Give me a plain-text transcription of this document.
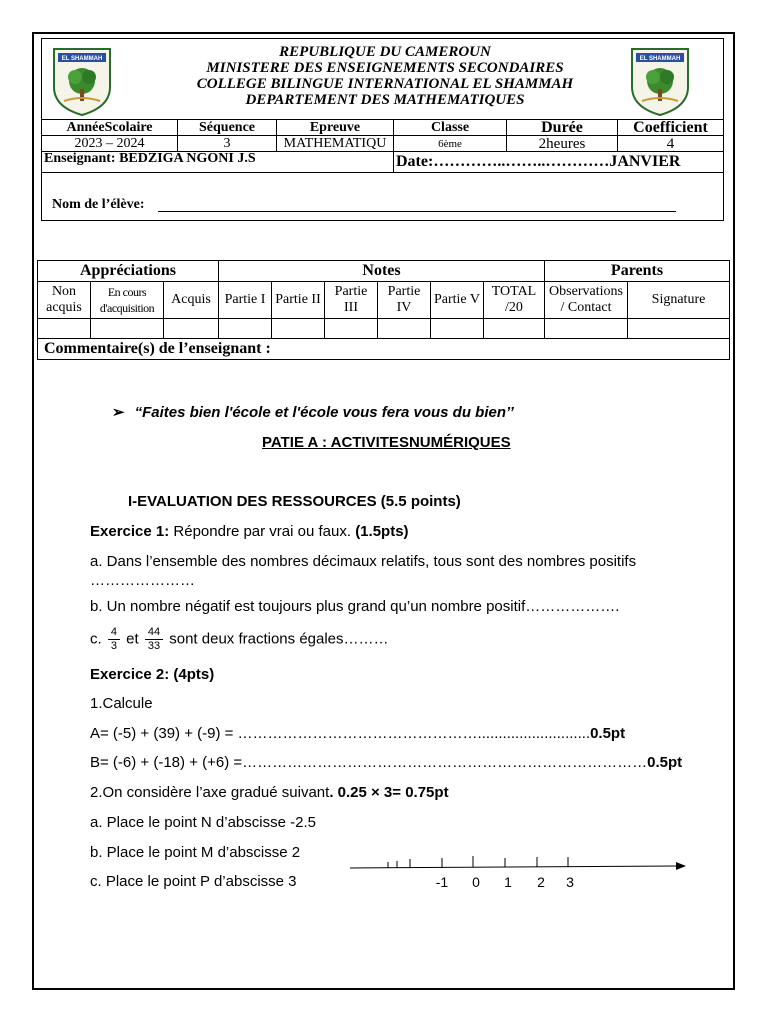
EL SHAMMAH	EL SHAMMAH
REPUBLIQUE DU CAMEROUN
MINISTERE DES ENSEIGNEMENTS SECONDAIRES
COLLEGE BILINGUE INTERNATIONAL EL SHAMMAH
DEPARTEMENT DES MATHEMATIQUES
AnnéeScolaire	Séquence	Epreuve	Classe	Durée	Coefficient
2023 – 2024	3	MATHEMATIQU	6ème	2heures	4
Enseignant: BEDZIGA NGONI J.S			Date:…………..……..…………JANVIER		
Nom de l’élève:
Appréciations			Notes						Parents	
Non acquis	En cours d'acquisition	Acquis	Partie I	Partie II	Partie III	Partie IV	Partie V	TOTAL /20	Observations / Contact	Signature

Commentaire(s) de l’enseignant :										
➢ “Faites bien l'école et l'école vous fera vous du bien’’
PATIE A : ACTIVITESNUMÉRIQUES
I-EVALUATION DES RESSOURCES (5.5 points)
Exercice 1: Répondre par vrai ou faux. (1.5pts)
a. Dans l’ensemble des nombres décimaux relatifs, tous sont des nombres positifs …………………
b. Un nombre négatif est toujours plus grand qu’un nombre positif……………….
c. $\frac{4}{3}$ et $\frac{44}{33}$ sont deux fractions égales………
Exercice 2: (4pts)
1.Calcule
A= (-5) + (39) + (-9) = …………………………………………...........................0.5pt
B= (-6) + (-18) + (+6) =………………………………………………………………………0.5pt
2.On considère l’axe gradué suivant. 0.25 × 3= 0.75pt
a. Place le point N d’abscisse -2.5
b. Place le point M d’abscisse 2
c. Place le point P d’abscisse 3	-1 0 1 2 3
